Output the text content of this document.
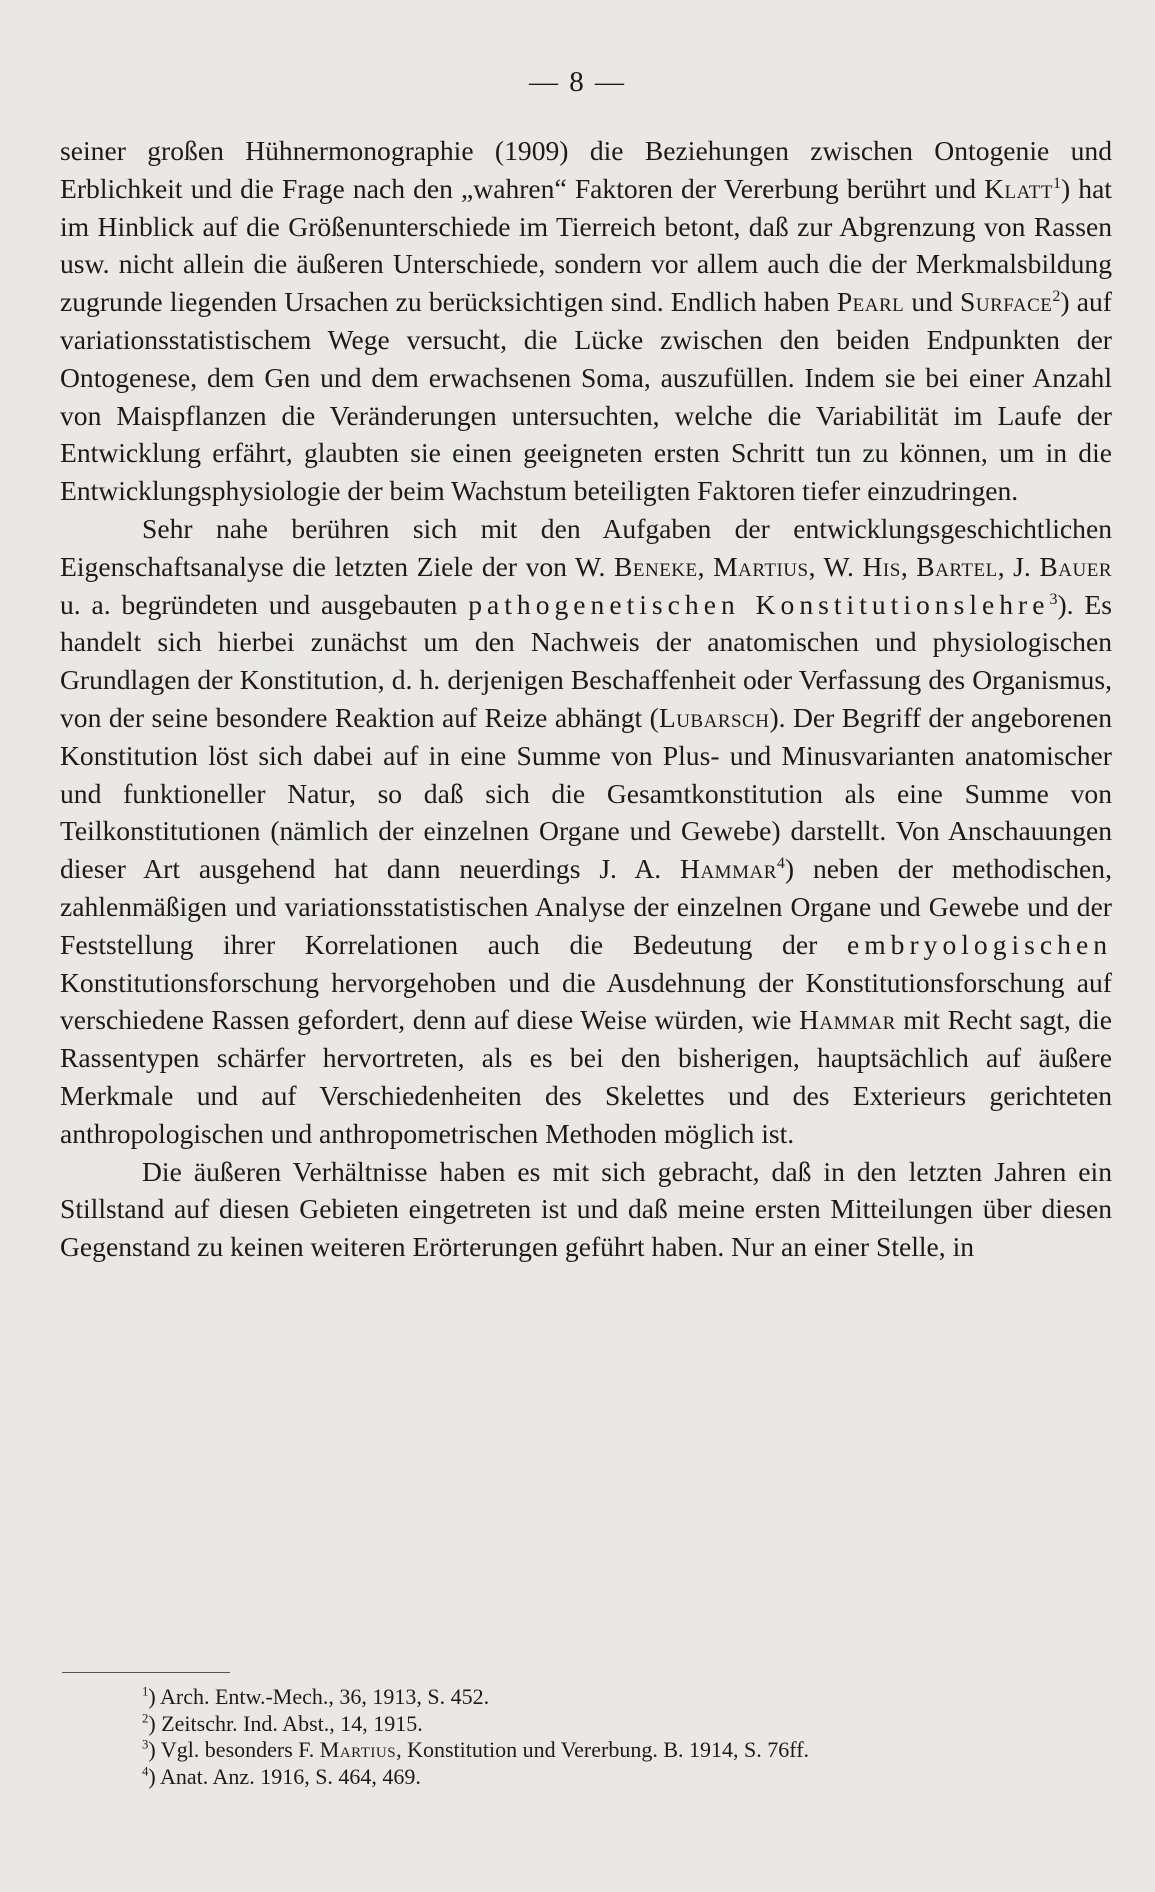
— 8 —

seiner großen Hühnermonographie (1909) die Beziehungen zwischen Ontogenie und Erblichkeit und die Frage nach den „wahren“ Faktoren der Vererbung berührt und Klatt$^1$) hat im Hinblick auf die Größenunterschiede im Tierreich betont, daß zur Abgrenzung von Rassen usw. nicht allein die äußeren Unterschiede, sondern vor allem auch die der Merkmalsbildung zugrunde liegenden Ursachen zu berücksichtigen sind. Endlich haben Pearl und Surface$^2$) auf variationsstatistischem Wege versucht, die Lücke zwischen den beiden Endpunkten der Ontogenese, dem Gen und dem erwachsenen Soma, auszufüllen. Indem sie bei einer Anzahl von Maispflanzen die Veränderungen untersuchten, welche die Variabilität im Laufe der Entwicklung erfährt, glaubten sie einen geeigneten ersten Schritt tun zu können, um in die Entwicklungsphysiologie der beim Wachstum beteiligten Faktoren tiefer einzudringen.

Sehr nahe berühren sich mit den Aufgaben der entwicklungsgeschichtlichen Eigenschaftsanalyse die letzten Ziele der von W. Beneke, Martius, W. His, Bartel, J. Bauer u. a. begründeten und ausgebauten pathogenetischen Konstitutionslehre$^3$). Es handelt sich hierbei zunächst um den Nachweis der anatomischen und physiologischen Grundlagen der Konstitution, d. h. derjenigen Beschaffenheit oder Verfassung des Organismus, von der seine besondere Reaktion auf Reize abhängt (Lubarsch). Der Begriff der angeborenen Konstitution löst sich dabei auf in eine Summe von Plus- und Minusvarianten anatomischer und funktioneller Natur, so daß sich die Gesamtkonstitution als eine Summe von Teilkonstitutionen (nämlich der einzelnen Organe und Gewebe) darstellt. Von Anschauungen dieser Art ausgehend hat dann neuerdings J. A. Hammar$^4$) neben der methodischen, zahlenmäßigen und variationsstatistischen Analyse der einzelnen Organe und Gewebe und der Feststellung ihrer Korrelationen auch die Bedeutung der embryologischen Konstitutionsforschung hervorgehoben und die Ausdehnung der Konstitutionsforschung auf verschiedene Rassen gefordert, denn auf diese Weise würden, wie Hammar mit Recht sagt, die Rassentypen schärfer hervortreten, als es bei den bisherigen, hauptsächlich auf äußere Merkmale und auf Verschiedenheiten des Skelettes und des Exterieurs gerichteten anthropologischen und anthropometrischen Methoden möglich ist.

Die äußeren Verhältnisse haben es mit sich gebracht, daß in den letzten Jahren ein Stillstand auf diesen Gebieten eingetreten ist und daß meine ersten Mitteilungen über diesen Gegenstand zu keinen weiteren Erörterungen geführt haben. Nur an einer Stelle, in

$^1$) Arch. Entw.-Mech., 36, 1913, S. 452.
$^2$) Zeitschr. Ind. Abst., 14, 1915.
$^3$) Vgl. besonders F. Martius, Konstitution und Vererbung. B. 1914, S. 76ff.
$^4$) Anat. Anz. 1916, S. 464, 469.
